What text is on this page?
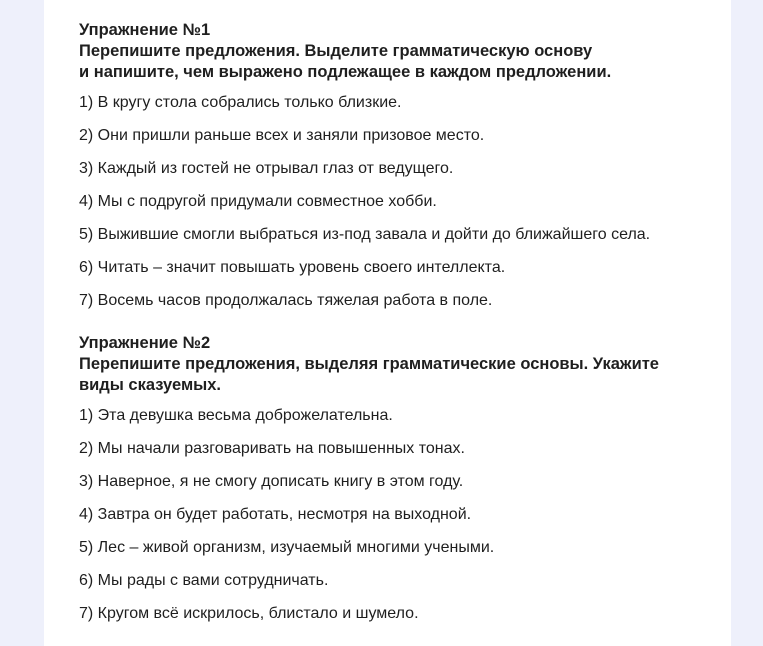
Упражнение №1

Перепишите предложения. Выделите грамматическую основу
и напишите, чем выражено подлежащее в каждом предложении.

1) В кругу стола собрались только близкие.
2) Они пришли раньше всех и заняли призовое место.
3) Каждый из гостей не отрывал глаз от ведущего.
4) Мы с подругой придумали совместное хобби.
5) Выжившие смогли выбраться из-под завала и дойти до ближайшего села.
6) Читать – значит повышать уровень своего интеллекта.
7) Восемь часов продолжалась тяжелая работа в поле.

Упражнение №2

Перепишите предложения, выделяя грамматические основы. Укажите
виды сказуемых.

1) Эта девушка весьма доброжелательна.
2) Мы начали разговаривать на повышенных тонах.
3) Наверное, я не смогу дописать книгу в этом году.
4) Завтра он будет работать, несмотря на выходной.
5) Лес – живой организм, изучаемый многими учеными.
6) Мы рады с вами сотрудничать.
7) Кругом всё искрилось, блистало и шумело.
